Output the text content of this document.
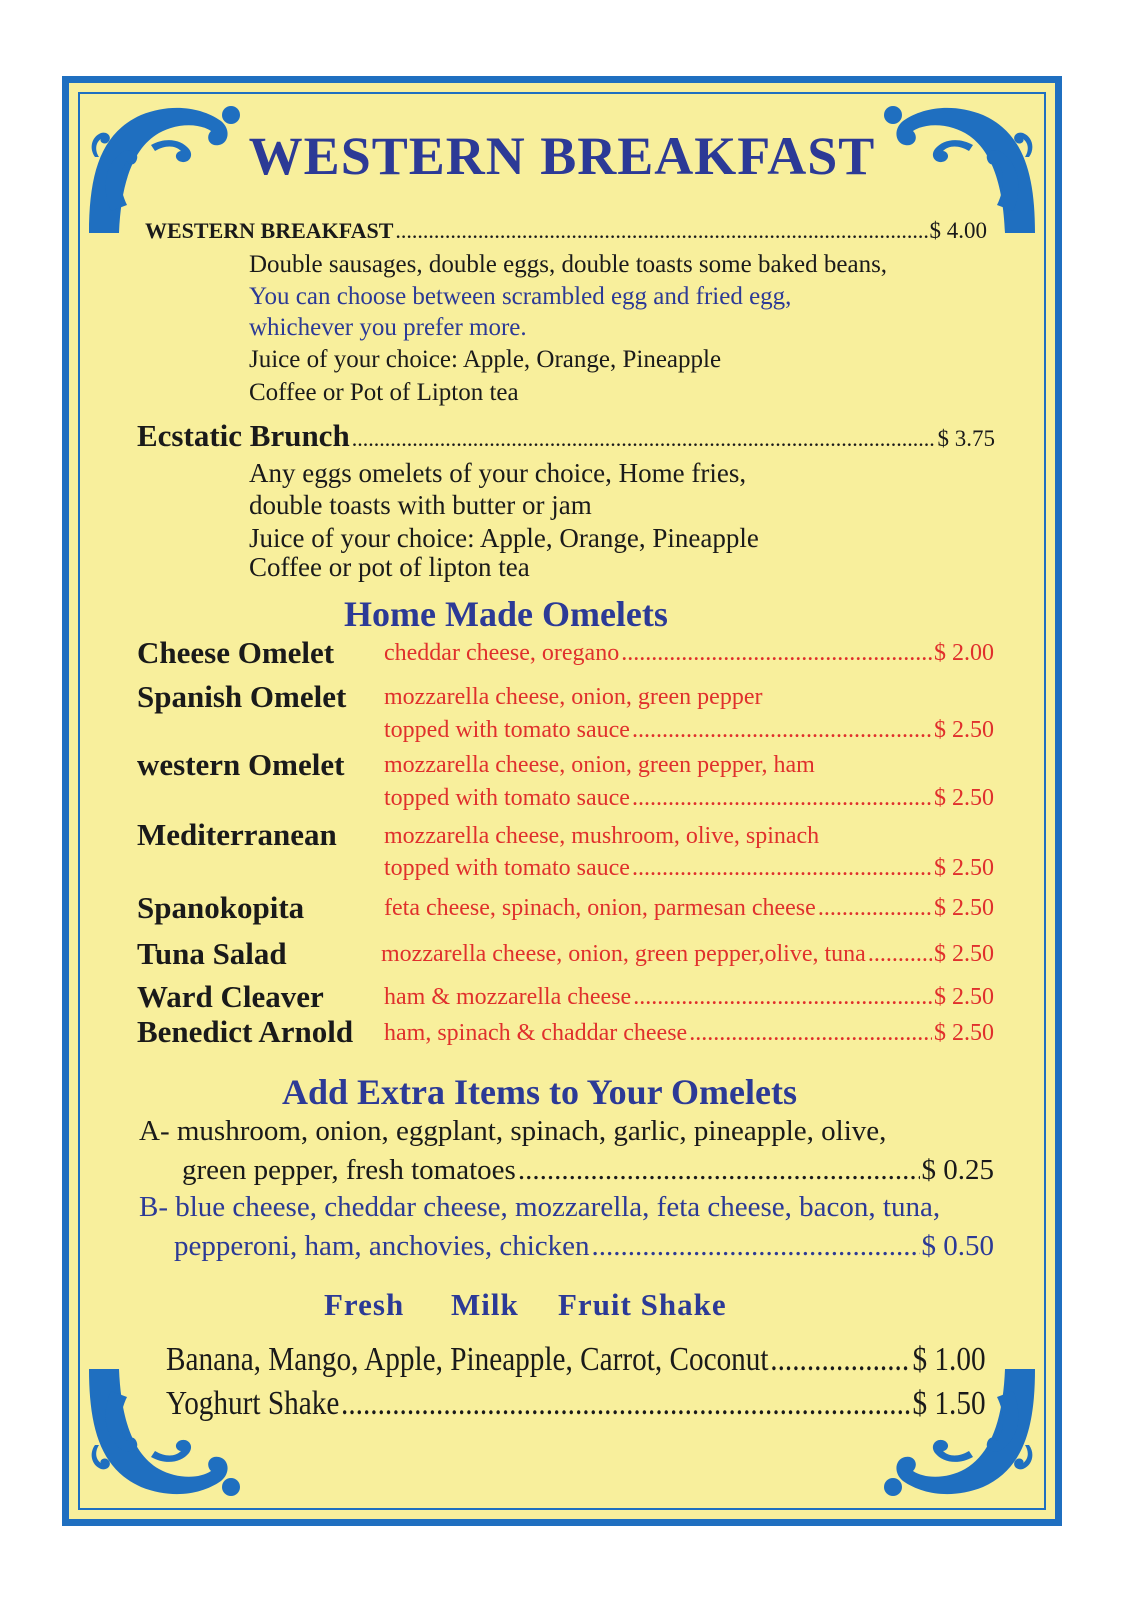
WESTERN BREAKFAST
WESTERN BREAKFAST .....	$ 4.00
Double sausages, double eggs, double toasts some baked beans,
You can choose between scrambled egg and fried egg,
whichever you prefer more.
Juice of your choice: Apple, Orange, Pineapple
Coffee or Pot of Lipton tea
Ecstatic Brunch .....	$ 3.75
Any eggs omelets of your choice, Home fries,
double toasts with butter or jam
Juice of your choice: Apple, Orange, Pineapple
Coffee or pot of lipton tea
Home Made Omelets
Cheese Omelet cheddar cheese, oregano .....	$ 2.00
Spanish Omelet mozzarella cheese, onion, green pepper
topped with tomato sauce .....	$ 2.50
western Omelet mozzarella cheese, onion, green pepper, ham
topped with tomato sauce .....	$ 2.50
Mediterranean mozzarella cheese, mushroom, olive, spinach
topped with tomato sauce .....	$ 2.50
Spanokopita	feta cheese, spinach, onion, parmesan cheese .....	$ 2.50
Tuna Salad	mozzarella cheese, onion, green pepper,olive, tuna .....	$ 2.50
Ward Cleaver	ham & mozzarella cheese .....	$ 2.50
Benedict Arnold ham, spinach & chaddar cheese .....	$ 2.50
Add Extra Items to Your Omelets
A- mushroom, onion, eggplant, spinach, garlic, pineapple, olive,
green pepper, fresh tomatoes .....	$ 0.25
B- blue cheese, cheddar cheese, mozzarella, feta cheese, bacon, tuna,
pepperoni, ham, anchovies, chicken .....	$ 0.50
Fresh Milk Fruit Shake
Banana, Mango, Apple, Pineapple, Carrot, Coconut .....	$ 1.00
Yoghurt Shake .....	$ 1.50
